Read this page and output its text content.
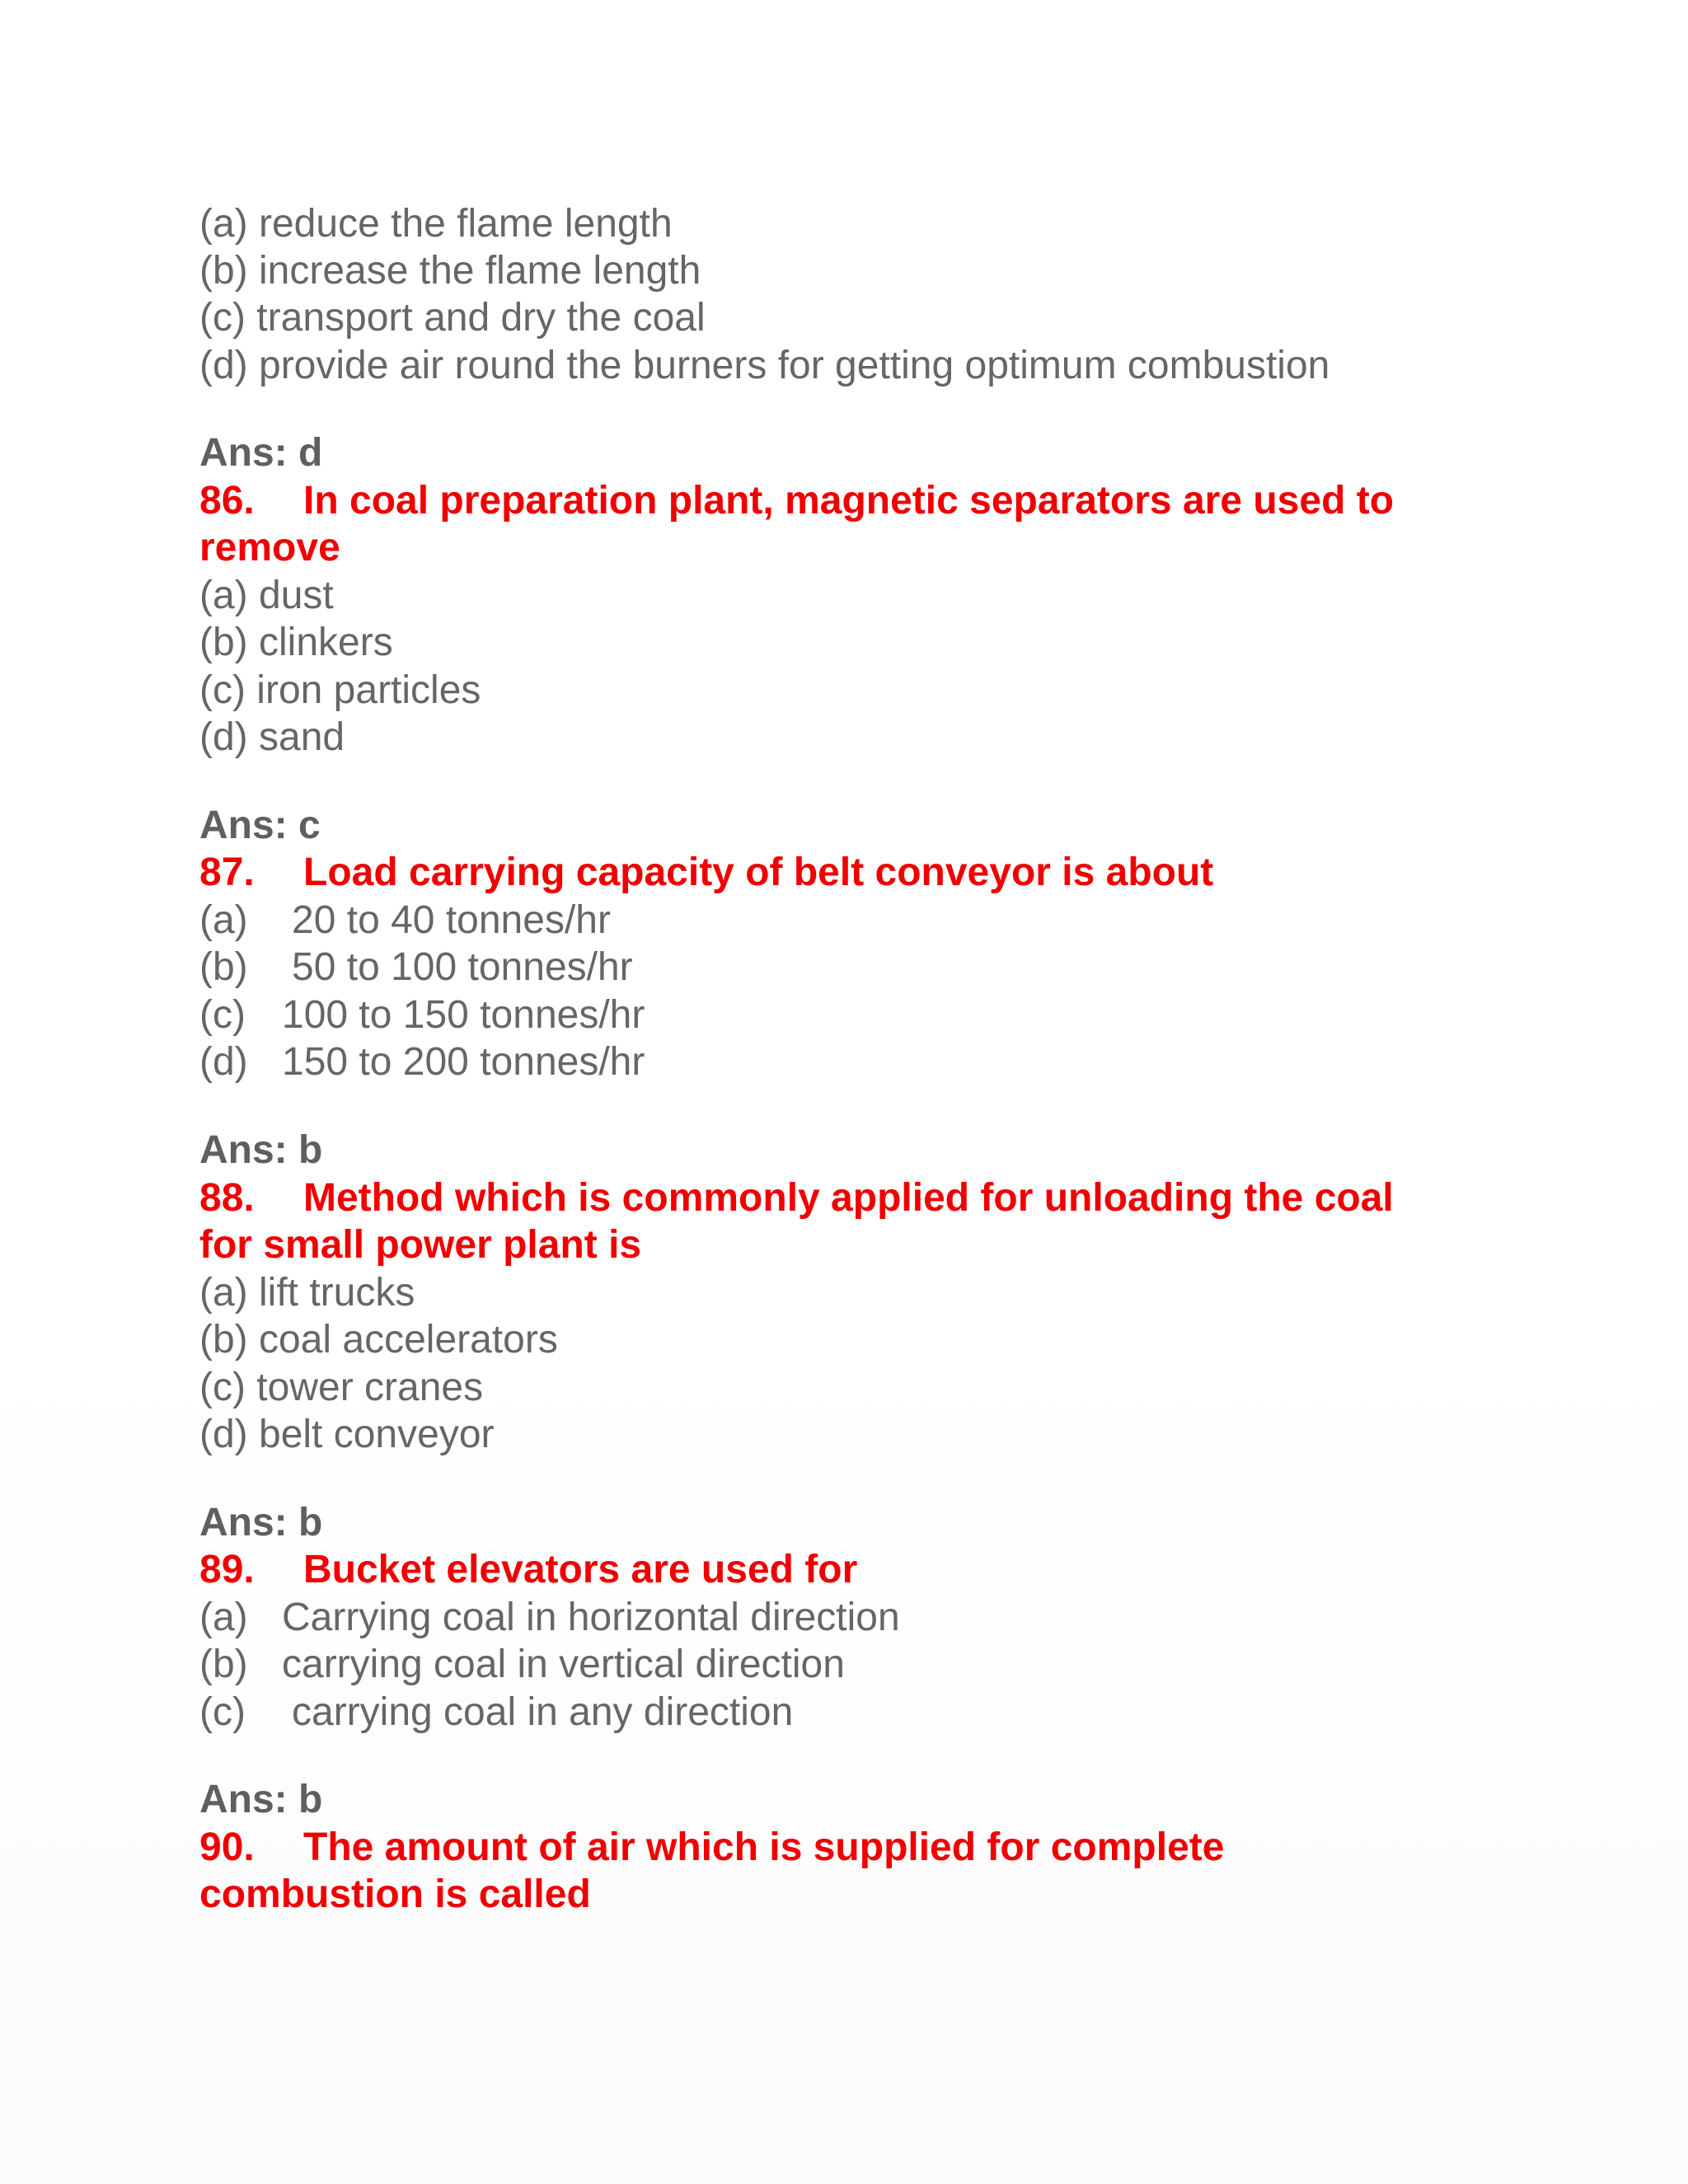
(a) reduce the flame length
(b) increase the flame length
(c) transport and dry the coal
(d) provide air round the burners for getting optimum combustion
Ans: d
86. In coal preparation plant, magnetic separators are used to
remove
(a) dust
(b) clinkers
(c) iron particles
(d) sand
Ans: c
87. Load carrying capacity of belt conveyor is about
(a) 20 to 40 tonnes/hr
(b) 50 to 100 tonnes/hr
(c) 100 to 150 tonnes/hr
(d) 150 to 200 tonnes/hr
Ans: b
88. Method which is commonly applied for unloading the coal
for small power plant is
(a) lift trucks
(b) coal accelerators
(c) tower cranes
(d) belt conveyor
Ans: b
89. Bucket elevators are used for
(a) Carrying coal in horizontal direction
(b) carrying coal in vertical direction
(c) carrying coal in any direction
Ans: b
90. The amount of air which is supplied for complete
combustion is called
